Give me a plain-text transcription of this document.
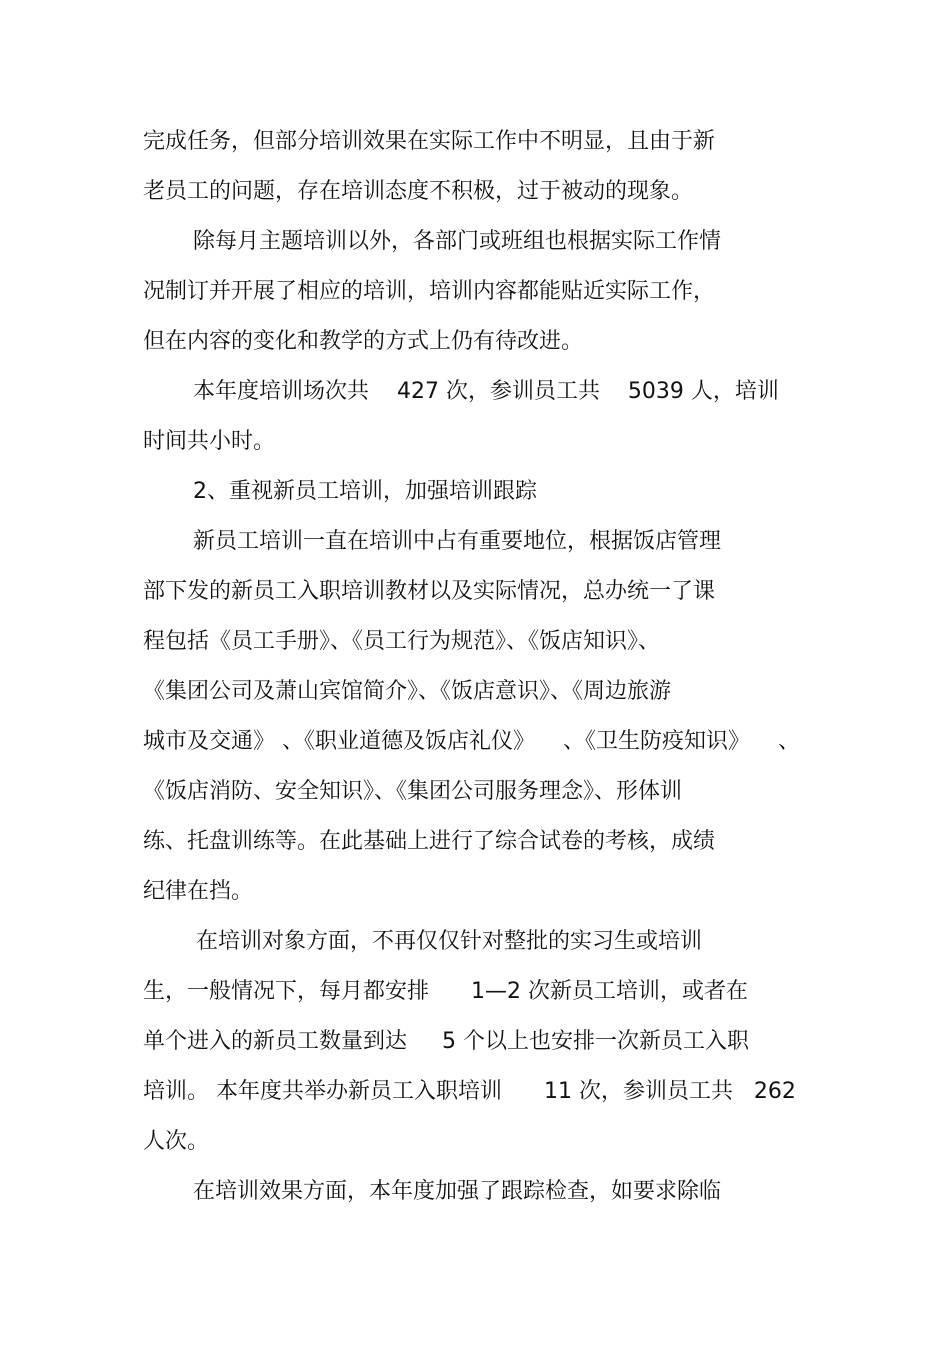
完成任务，但部分培训效果在实际工作中不明显，且由于新
老员工的问题，存在培训态度不积极，过于被动的现象。
除每月主题培训以外，各部门或班组也根据实际工作情
况制订并开展了相应的培训，培训内容都能贴近实际工作，
但在内容的变化和教学的方式上仍有待改进。
本年度培训场次共    427 次，参训员工共    5039 人，培训
时间共小时。
2、重视新员工培训，加强培训跟踪
新员工培训一直在培训中占有重要地位，根据饭店管理
部下发的新员工入职培训教材以及实际情况，总办统一了课
程包括《员工手册》、《员工行为规范》、《饭店知识》、
《集团公司及萧山宾馆简介》、《饭店意识》、《周边旅游
城市及交通》 、《职业道德及饭店礼仪》    、《卫生防疫知识》    、
《饭店消防、安全知识》、《集团公司服务理念》、形体训
练、托盘训练等。在此基础上进行了综合试卷的考核，成绩
纪律在挡。
在培训对象方面，不再仅仅针对整批的实习生或培训
生，一般情况下，每月都安排      1—2 次新员工培训，或者在
单个进入的新员工数量到达     5 个以上也安排一次新员工入职
培训。 本年度共举办新员工入职培训      11 次，参训员工共   262
人次。
在培训效果方面，本年度加强了跟踪检查，如要求除临
